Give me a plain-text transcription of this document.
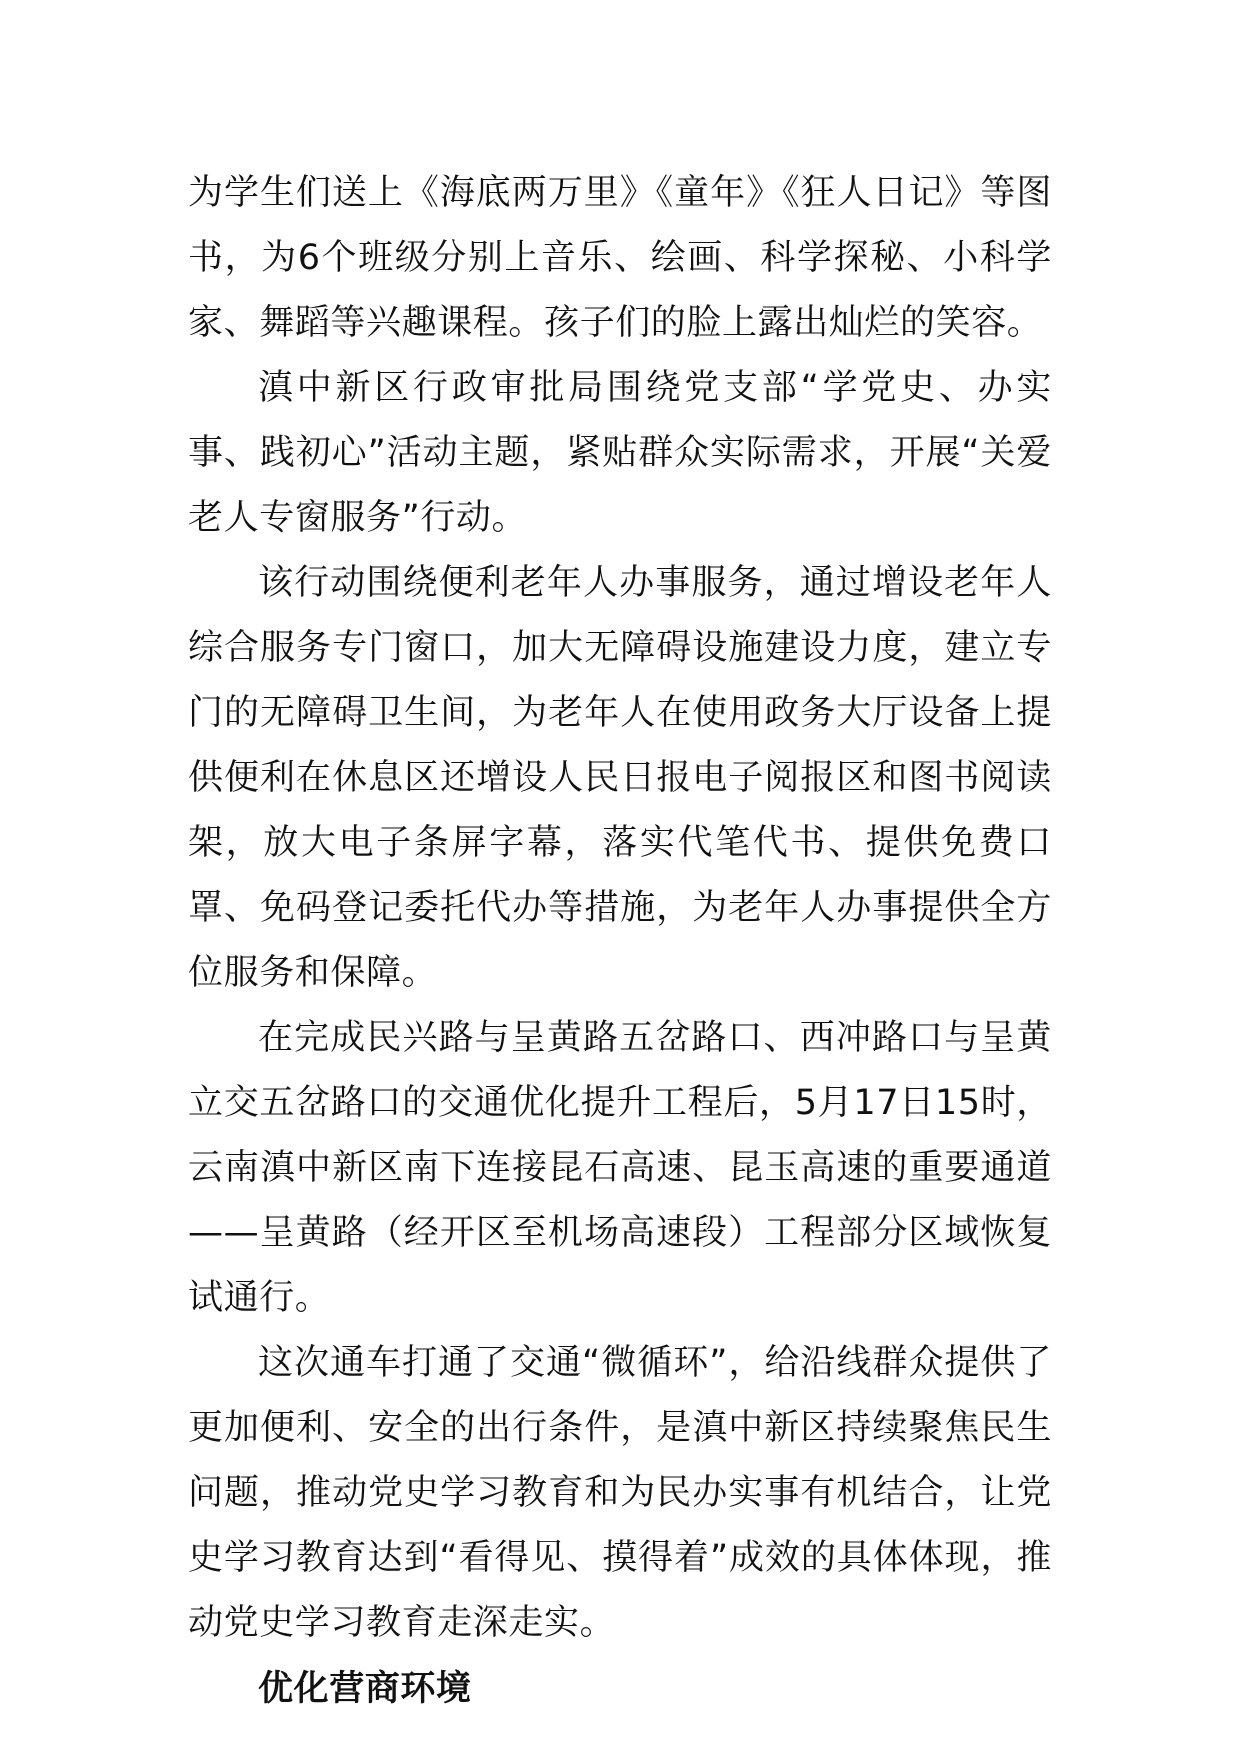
为学生们送上《海底两万里》《童年》《狂人日记》等图书，为6个班级分别上音乐、绘画、科学探秘、小科学家、舞蹈等兴趣课程。孩子们的脸上露出灿烂的笑容。

滇中新区行政审批局围绕党支部“学党史、办实事、践初心”活动主题，紧贴群众实际需求，开展“关爱老人专窗服务”行动。

该行动围绕便利老年人办事服务，通过增设老年人综合服务专门窗口，加大无障碍设施建设力度，建立专门的无障碍卫生间，为老年人在使用政务大厅设备上提供便利在休息区还增设人民日报电子阅报区和图书阅读架，放大电子条屏字幕，落实代笔代书、提供免费口罩、免码登记委托代办等措施，为老年人办事提供全方位服务和保障。

在完成民兴路与呈黄路五岔路口、西冲路口与呈黄立交五岔路口的交通优化提升工程后，5月17日15时，云南滇中新区南下连接昆石高速、昆玉高速的重要通道——呈黄路（经开区至机场高速段）工程部分区域恢复试通行。

这次通车打通了交通“微循环”，给沿线群众提供了更加便利、安全的出行条件，是滇中新区持续聚焦民生问题，推动党史学习教育和为民办实事有机结合，让党史学习教育达到“看得见、摸得着”成效的具体体现，推动党史学习教育走深走实。

优化营商环境
